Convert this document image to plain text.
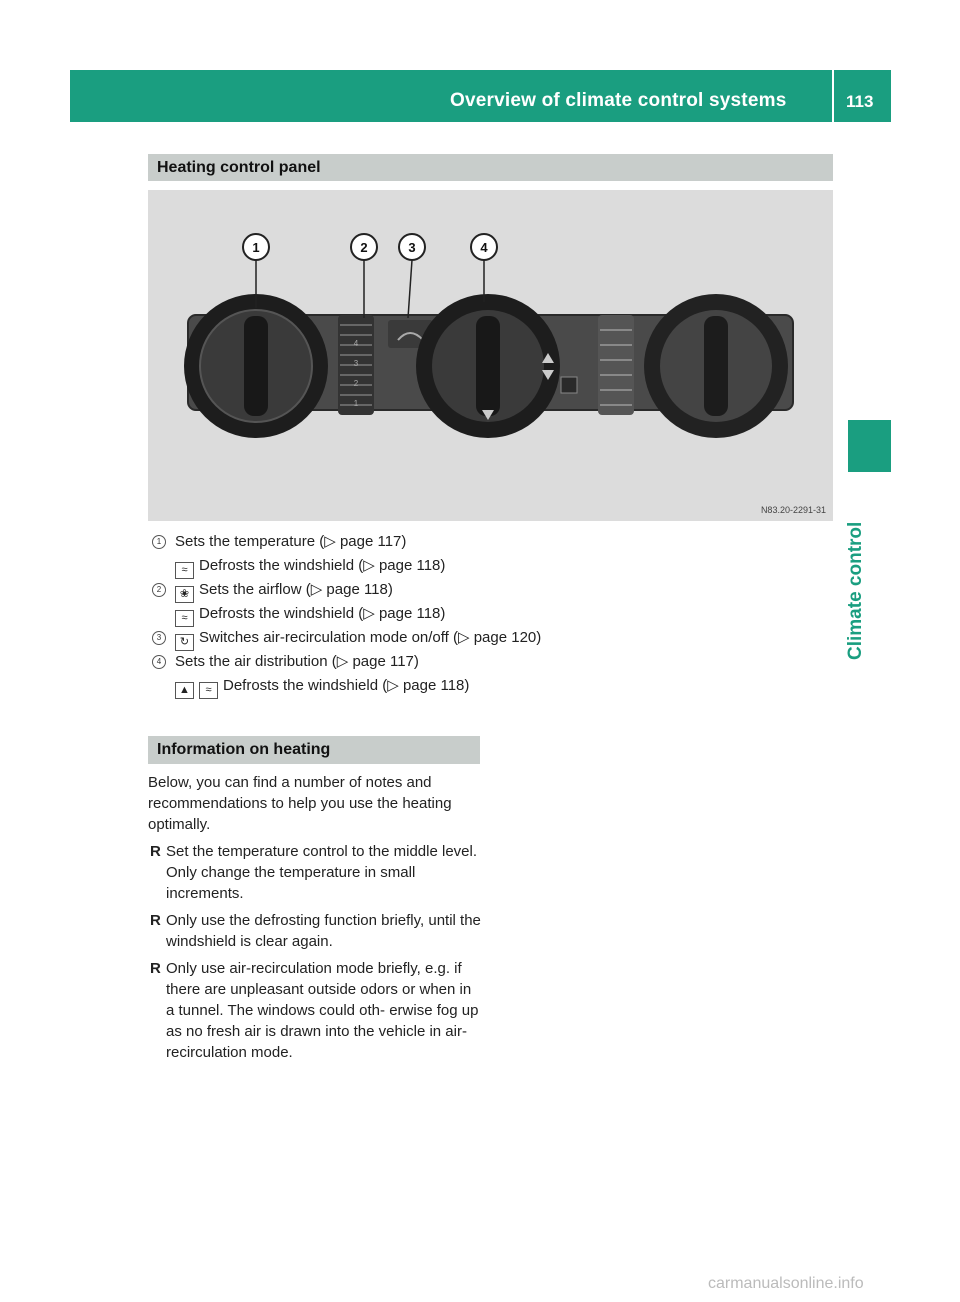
Overview of climate control systems	113
Climate control
Heating control panel
1	2	3	4
N83.20-2291-31
1
2
3
4
1 Sets the temperature (▷ page 117)
≈ Defrosts the windshield (▷ page 118)
2	❀ Sets the airflow (▷ page 118)
≈ Defrosts the windshield (▷ page 118)
3	↻ Switches air-recirculation mode on/off (▷ page 120)
4 Sets the air distribution (▷ page 117)
▲ ≈ Defrosts the windshield (▷ page 118)
Information on heating

Below, you can find a number of notes and recommendations to help you use the heating optimally.

R Set the temperature control to the middle level. Only change the temperature in small increments.
R Only use the defrosting function briefly, until the windshield is clear again.
R Only use air-recirculation mode briefly, e.g. if there are unpleasant outside odors or when in a tunnel. The windows could oth- erwise fog up as no fresh air is drawn into the vehicle in air-recirculation mode.
carmanualsonline.info
